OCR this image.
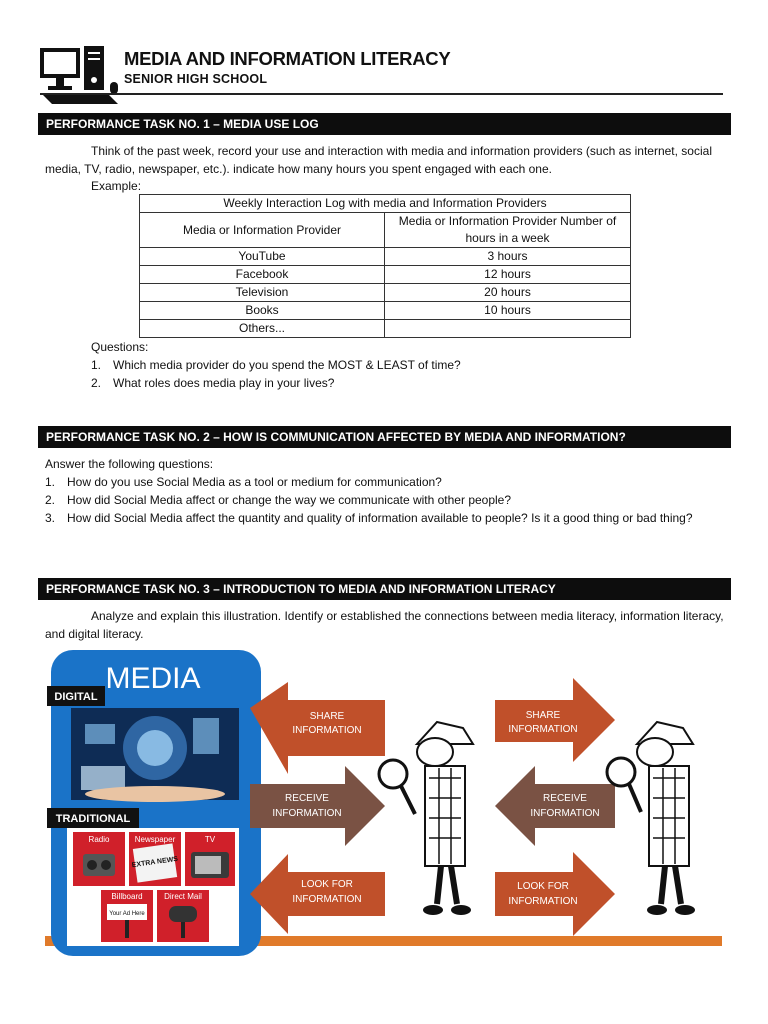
MEDIA AND INFORMATION LITERACY
SENIOR HIGH SCHOOL
PERFORMANCE TASK NO. 1 – MEDIA USE LOG
Think of the past week, record your use and interaction with media and information providers (such as internet, social media, TV, radio, newspaper, etc.). indicate how many hours you spent engaged with each one.
Example:
Weekly Interaction Log with media and Information Providers	
Media or Information Provider	Media or Information Provider Number of hours in a week
YouTube	3 hours
Facebook	12 hours
Television	20 hours
Books	10 hours
Others...	
Questions:
1. Which media provider do you spend the MOST & LEAST of time?
2. What roles does media play in your lives?
PERFORMANCE TASK NO. 2 – HOW IS COMMUNICATION AFFECTED BY MEDIA AND INFORMATION?
Answer the following questions:
1. How do you use Social Media as a tool or medium for communication?
2. How did Social Media affect or change the way we communicate with other people?
3. How did Social Media affect the quantity and quality of information available to people? Is it a good thing or bad thing?
PERFORMANCE TASK NO. 3 – INTRODUCTION TO MEDIA AND INFORMATION LITERACY
Analyze and explain this illustration. Identify or established the connections between media literacy, information literacy, and digital literacy.
MEDIA
DIGITAL
TRADITIONAL
Radio	Newspaper
EXTRA NEWS
TV
Billboard
Your Ad Here
Direct Mail
SHARE
INFORMATION
RECEIVE
INFORMATION
LOOK FOR
INFORMATION
SHARE
INFORMATION
RECEIVE
INFORMATION
LOOK FOR
INFORMATION
